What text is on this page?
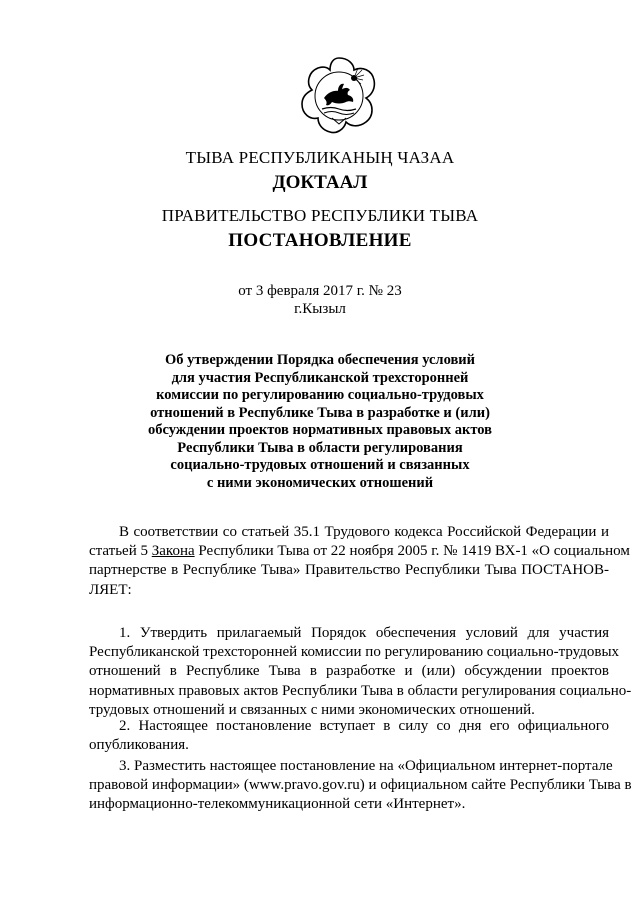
ТЫВА РЕСПУБЛИКАНЫҢ ЧАЗАА
ДОКТААЛ
ПРАВИТЕЛЬСТВО РЕСПУБЛИКИ ТЫВА
ПОСТАНОВЛЕНИЕ
от 3 февраля 2017 г. № 23
г.Кызыл
Об утверждении Порядка обеспечения условий
для участия Республиканской трехсторонней
комиссии по регулированию социально-трудовых
отношений в Республике Тыва в разработке и (или)
обсуждении проектов нормативных правовых актов
Республики Тыва в области регулирования
социально-трудовых отношений и связанных
с ними экономических отношений
В соответствии со статьей 35.1 Трудового кодекса Российской Федерации и
статьей 5 Закона Республики Тыва от 22 ноября 2005 г. № 1419 ВХ-1 «О социальном
партнерстве в Республике Тыва» Правительство Республики Тыва ПОСТАНОВ-
ЛЯЕТ:
1. Утвердить прилагаемый Порядок обеспечения условий для участия
Республиканской трехсторонней комиссии по регулированию социально-трудовых
отношений в Республике Тыва в разработке и (или) обсуждении проектов
нормативных правовых актов Республики Тыва в области регулирования социально-
трудовых отношений и связанных с ними экономических отношений.
2. Настоящее постановление вступает в силу со дня его официального
опубликования.
3. Разместить настоящее постановление на «Официальном интернет-портале
правовой информации» (www.pravo.gov.ru) и официальном сайте Республики Тыва в
информационно-телекоммуникационной сети «Интернет».
